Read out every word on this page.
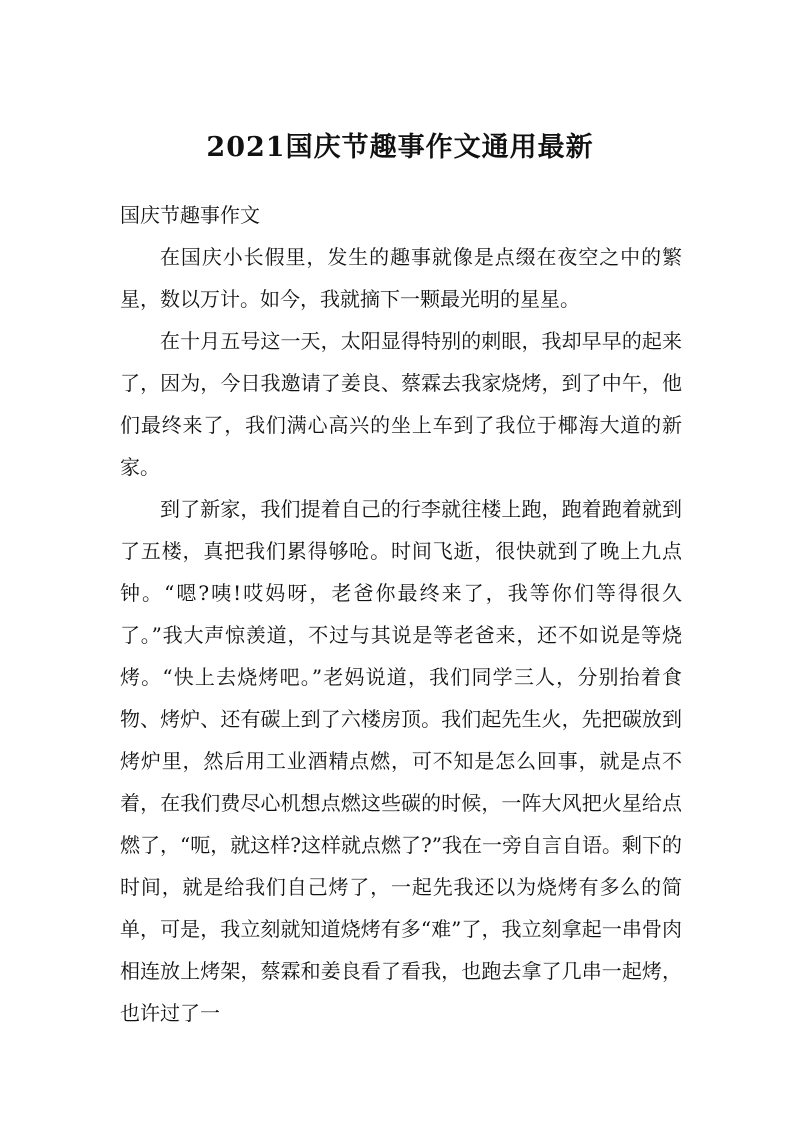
2021国庆节趣事作文通用最新

国庆节趣事作文

在国庆小长假里，发生的趣事就像是点缀在夜空之中的繁星，数以万计。如今，我就摘下一颗最光明的星星。

在十月五号这一天，太阳显得特别的刺眼，我却早早的起来了，因为，今日我邀请了姜良、蔡霖去我家烧烤，到了中午，他们最终来了，我们满心高兴的坐上车到了我位于椰海大道的新家。

到了新家，我们提着自己的行李就往楼上跑，跑着跑着就到了五楼，真把我们累得够呛。时间飞逝，很快就到了晚上九点钟。“嗯?咦!哎妈呀，老爸你最终来了，我等你们等得很久了。”我大声惊羡道，不过与其说是等老爸来，还不如说是等烧烤。“快上去烧烤吧。”老妈说道，我们同学三人，分别抬着食物、烤炉、还有碳上到了六楼房顶。我们起先生火，先把碳放到烤炉里，然后用工业酒精点燃，可不知是怎么回事，就是点不着，在我们费尽心机想点燃这些碳的时候，一阵大风把火星给点燃了，“呃，就这样?这样就点燃了?”我在一旁自言自语。剩下的时间，就是给我们自己烤了，一起先我还以为烧烤有多么的简单，可是，我立刻就知道烧烤有多“难”了，我立刻拿起一串骨肉相连放上烤架，蔡霖和姜良看了看我，也跑去拿了几串一起烤，也许过了一
